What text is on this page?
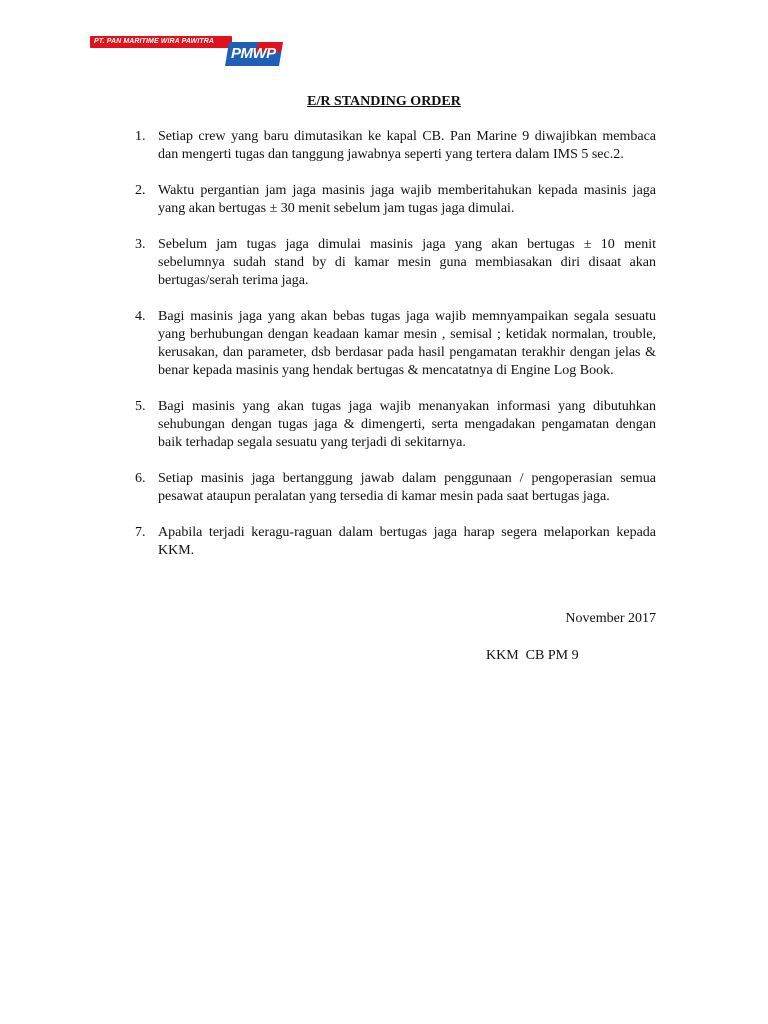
PT. PAN MARITIME WIRA PAWITRA
PMWP
E/R STANDING ORDER
1. Setiap crew yang baru dimutasikan ke kapal CB. Pan Marine 9 diwajibkan membaca dan mengerti tugas dan tanggung jawabnya seperti yang tertera dalam IMS 5 sec.2.
2. Waktu pergantian jam jaga masinis jaga wajib memberitahukan kepada masinis jaga yang akan bertugas ± 30 menit sebelum jam tugas jaga dimulai.
3. Sebelum jam tugas jaga dimulai masinis jaga yang akan bertugas ± 10 menit sebelumnya sudah stand by di kamar mesin guna membiasakan diri disaat akan bertugas/serah terima jaga.
4. Bagi masinis jaga yang akan bebas tugas jaga wajib memnyampaikan segala sesuatu yang berhubungan dengan keadaan kamar mesin , semisal ; ketidak normalan, trouble, kerusakan, dan parameter, dsb berdasar pada hasil pengamatan terakhir dengan jelas & benar kepada masinis yang hendak bertugas & mencatatnya di Engine Log Book.
5. Bagi masinis yang akan tugas jaga wajib menanyakan informasi yang dibutuhkan sehubungan dengan tugas jaga & dimengerti, serta mengadakan pengamatan dengan baik terhadap segala sesuatu yang terjadi di sekitarnya.
6. Setiap masinis jaga bertanggung jawab dalam penggunaan / pengoperasian semua pesawat ataupun peralatan yang tersedia di kamar mesin pada saat bertugas jaga.
7. Apabila terjadi keragu-raguan dalam bertugas jaga harap segera melaporkan kepada KKM.
November 2017
KKM  CB PM 9
